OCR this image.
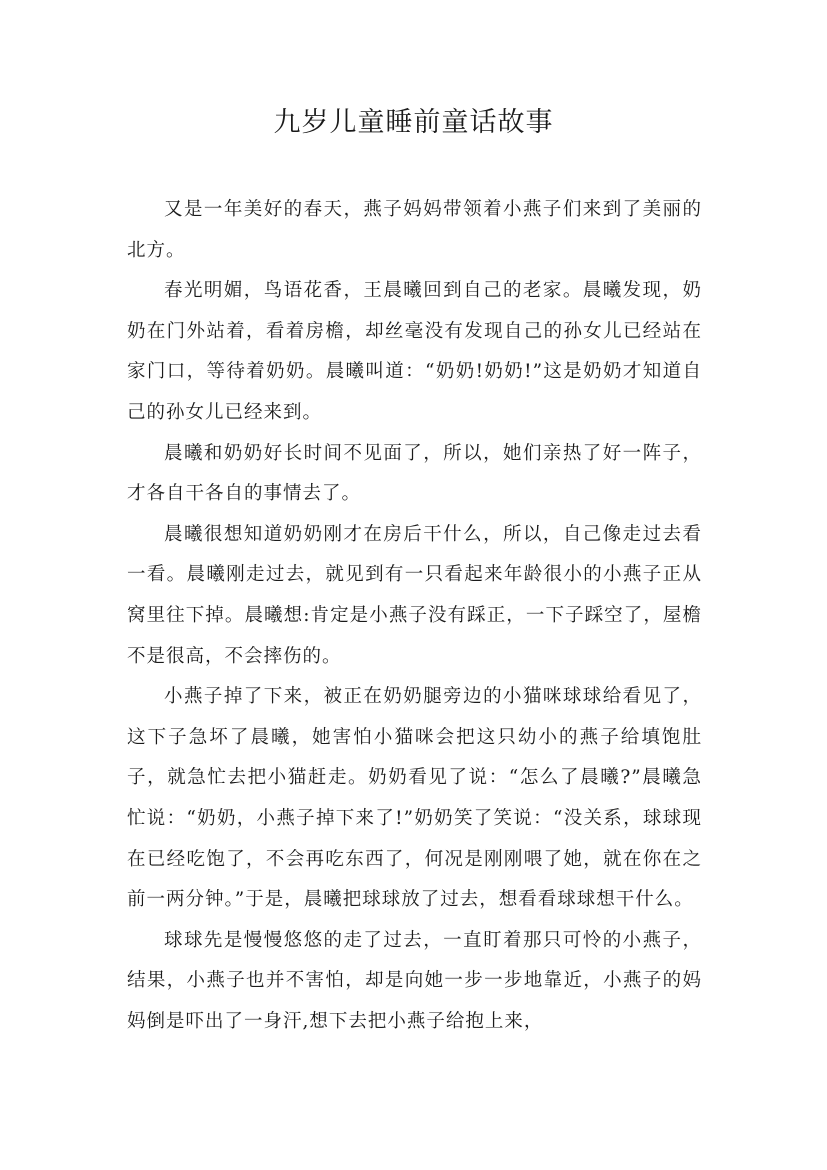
九岁儿童睡前童话故事

又是一年美好的春天，燕子妈妈带领着小燕子们来到了美丽的北方。

春光明媚，鸟语花香，王晨曦回到自己的老家。晨曦发现，奶奶在门外站着，看着房檐，却丝毫没有发现自己的孙女儿已经站在家门口，等待着奶奶。晨曦叫道：“奶奶!奶奶!”这是奶奶才知道自己的孙女儿已经来到。

晨曦和奶奶好长时间不见面了，所以，她们亲热了好一阵子，才各自干各自的事情去了。

晨曦很想知道奶奶刚才在房后干什么，所以，自己像走过去看一看。晨曦刚走过去，就见到有一只看起来年龄很小的小燕子正从窝里往下掉。晨曦想:肯定是小燕子没有踩正，一下子踩空了，屋檐不是很高，不会摔伤的。

小燕子掉了下来，被正在奶奶腿旁边的小猫咪球球给看见了，这下子急坏了晨曦，她害怕小猫咪会把这只幼小的燕子给填饱肚子，就急忙去把小猫赶走。奶奶看见了说：“怎么了晨曦?”晨曦急忙说：“奶奶，小燕子掉下来了!”奶奶笑了笑说：“没关系，球球现在已经吃饱了，不会再吃东西了，何况是刚刚喂了她，就在你在之前一两分钟。”于是，晨曦把球球放了过去，想看看球球想干什么。

球球先是慢慢悠悠的走了过去，一直盯着那只可怜的小燕子，结果，小燕子也并不害怕，却是向她一步一步地靠近，小燕子的妈妈倒是吓出了一身汗,想下去把小燕子给抱上来，
